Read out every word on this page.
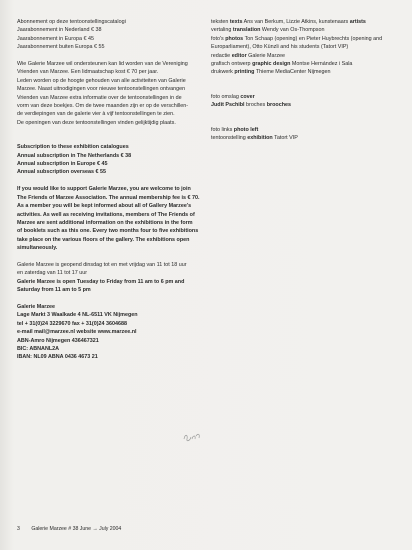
Abonnement op deze tentoonstellingscatalogi

Jaarabonnement in Nederland € 38

Jaarabonnement in Europa € 45

Jaarabonnement buiten Europa € 55

Wie Galerie Marzee wil ondersteunen kan lid worden van de Vereniging

Vrienden van Marzee. Een lidmaatschap kost € 70 per jaar.

Leden worden op de hoogte gehouden van alle activiteiten van Galerie

Marzee. Naast uitnodigingen voor nieuwe tentoonstellingen ontvangen

Vrienden van Marzee extra informatie over de tentoonstellingen in de

vorm van deze boekjes. Om de twee maanden zijn er op de verschillen-

de verdiepingen van de galerie vier à vijf tentoonstellingen te zien.

De openingen van deze tentoonstellingen vinden gelijktijdig plaats.

Subscription to these exhibition catalogues

Annual subscription in The Netherlands € 38

Annual subscription in Europe € 45

Annual subscription overseas € 55

If you would like to support Galerie Marzee, you are welcome to join

The Friends of Marzee Association. The annual membership fee is € 70.

As a member you will be kept informed about all of Gallery Marzee's

activities. As well as receiving invitations, members of The Friends of

Marzee are sent additional information on the exhibitions in the form

of booklets such as this one. Every two months four to five exhibitions

take place on the various floors of the gallery. The exhibitions open

simultaneously.

Galerie Marzee is geopend dinsdag tot en met vrijdag van 11 tot 18 uur

en zaterdag van 11 tot 17 uur

Galerie Marzee is open Tuesday to Friday from 11 am to 6 pm and

Saturday from 11 am to 5 pm

Galerie Marzee

Lage Markt 3 Waalkade 4 NL-6511 VK Nijmegen

tel + 31(0)24 3229670 fax + 31(0)24 3604688

e-mail mail@marzee.nl website www.marzee.nl

ABN-Amro Nijmegen 436467321

BIC: ABNANL2A

IBAN: NL09 ABNA 0436 4673 21

teksten texts Ans van Berkum, Lizzie Atkins, kunstenaars artists

vertaling translation Wendy van Os-Thompson

foto's photos Ton Schaap (opening) en Pieter Huybrechts (opening and

Europarliament), Otto Künzli and his students (Tatort VIP)

redactie editor Galerie Marzee

grafisch ontwerp graphic design Montse Hernández i Sala

drukwerk printing Thieme MediaCenter Nijmegen

foto omslag cover

Judit Pschibl broches brooches

foto links photo left

tentoonstelling exhibition Tatort VIP

3 Galerie Marzee # 38 June → July 2004
